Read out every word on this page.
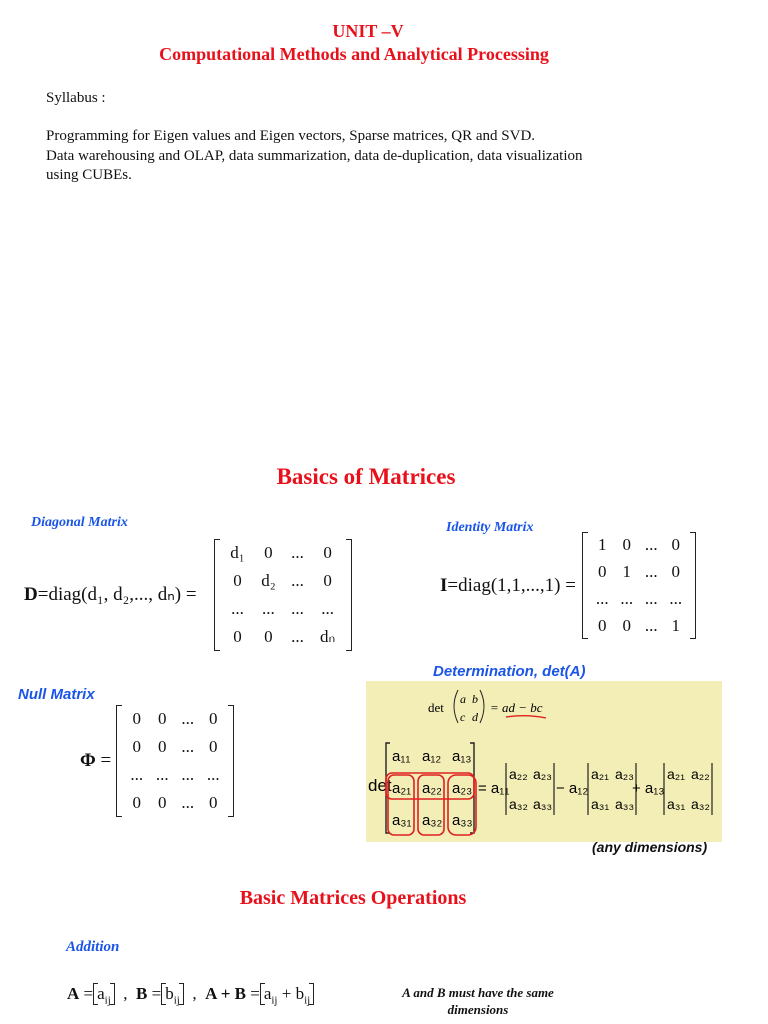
UNIT –V
Computational Methods and Analytical Processing
Syllabus :
Programming for Eigen values and Eigen vectors, Sparse matrices, QR and SVD.
Data warehousing and OLAP, data summarization, data de-duplication, data visualization
using CUBEs.
Basics of Matrices
Diagonal Matrix
D=diag(d₁, d₂,..., dₙ) =
d₁	0	...	0
0	d₂	...	0
...	...	...	...
0	0	...	dₙ
Identity Matrix
I=diag(1,1,...,1) =
1	0	...	0
0	1	...	0
...	...	...	...
0	0	...	1
Null Matrix
Φ =
0	0	...	0
0	0	...	0
...	...	...	...
0	0	...	0
Determination, det(A)
det
a b
c d
= ad − bc
det
a₁₁ a₁₂ a₁₃
a₂₁ a₂₂ a₂₃
a₃₁ a₃₂ a₃₃
= a₁₁
a₂₂ a₂₃
a₃₂ a₃₃
− a₁₂
a₂₁ a₂₃
a₃₁ a₃₃
+ a₁₃
a₂₁ a₂₂
a₃₁ a₃₂
(any dimensions)
Basic Matrices Operations
Addition
$A = a_{ij}$  ,  $B = b_{ij}$  ,  $A + B = a_{ij} + b_{ij}$
A and B must have the same
dimensions
